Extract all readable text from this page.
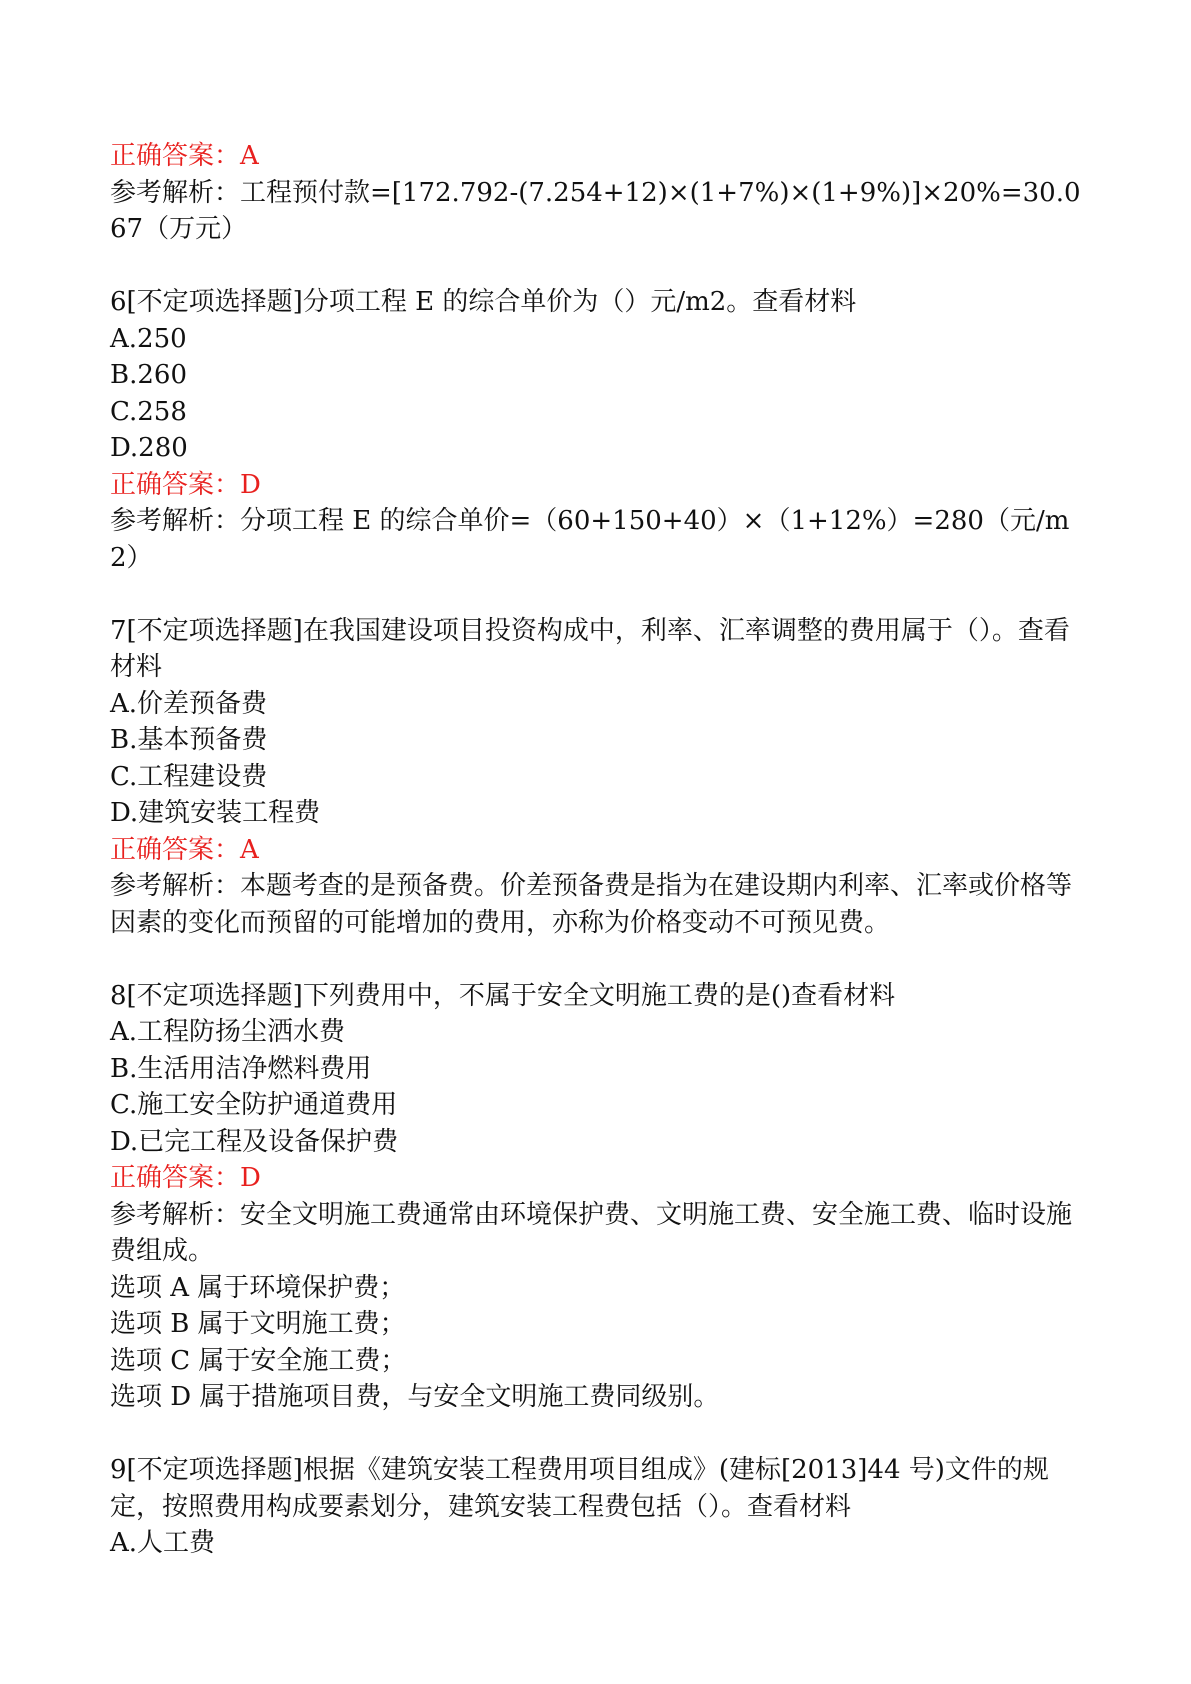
正确答案：A

参考解析：工程预付款=[172.792-(7.254+12)×(1+7%)×(1+9%)]×20%=30.067（万元）

6[不定项选择题]分项工程 E 的综合单价为（）元/m2。查看材料

A.250

B.260

C.258

D.280

正确答案：D

参考解析：分项工程 E 的综合单价=（60+150+40）×（1+12%）=280（元/m2）

7[不定项选择题]在我国建设项目投资构成中，利率、汇率调整的费用属于（）。查看材料

A.价差预备费

B.基本预备费

C.工程建设费

D.建筑安装工程费

正确答案：A

参考解析：本题考查的是预备费。价差预备费是指为在建设期内利率、汇率或价格等因素的变化而预留的可能增加的费用，亦称为价格变动不可预见费。

8[不定项选择题]下列费用中，不属于安全文明施工费的是()查看材料

A.工程防扬尘洒水费

B.生活用洁净燃料费用

C.施工安全防护通道费用

D.已完工程及设备保护费

正确答案：D

参考解析：安全文明施工费通常由环境保护费、文明施工费、安全施工费、临时设施费组成。

选项 A 属于环境保护费；

选项 B 属于文明施工费；

选项 C 属于安全施工费；

选项 D 属于措施项目费，与安全文明施工费同级别。

9[不定项选择题]根据《建筑安装工程费用项目组成》(建标[2013]44 号)文件的规定，按照费用构成要素划分，建筑安装工程费包括（）。查看材料

A.人工费
